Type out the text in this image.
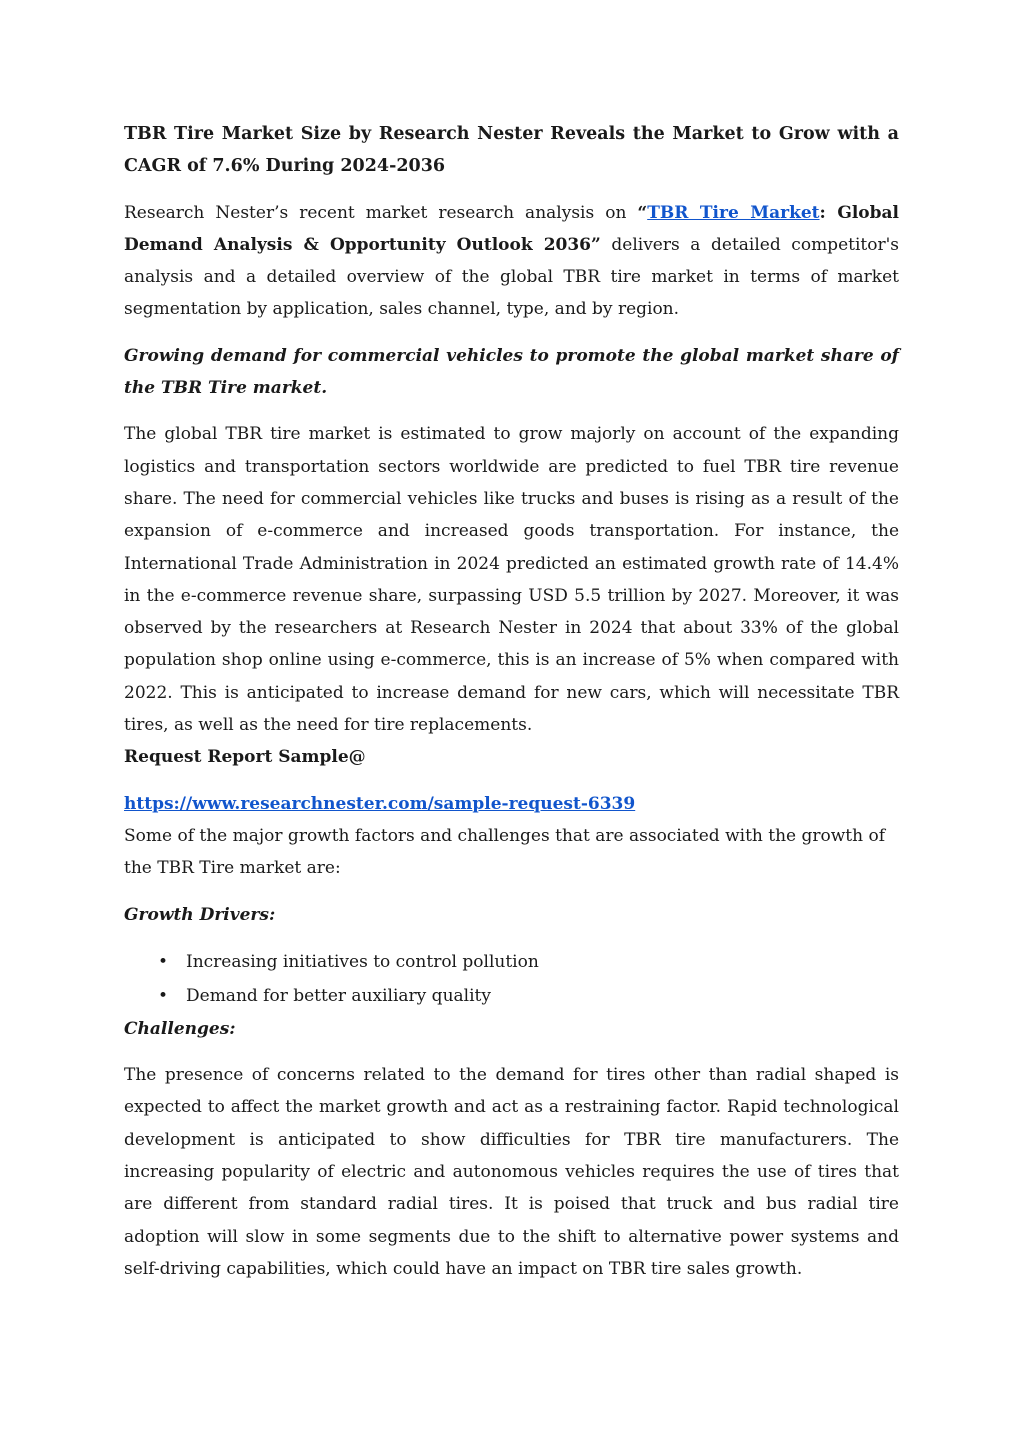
TBR Tire Market Size by Research Nester Reveals the Market to Grow with a CAGR of 7.6% During 2024-2036

Research Nester’s recent market research analysis on “TBR Tire Market: Global Demand Analysis & Opportunity Outlook 2036” delivers a detailed competitor's analysis and a detailed overview of the global TBR tire market in terms of market segmentation by application, sales channel, type, and by region.

Growing demand for commercial vehicles to promote the global market share of the TBR Tire market.

The global TBR tire market is estimated to grow majorly on account of the expanding logistics and transportation sectors worldwide are predicted to fuel TBR tire revenue share. The need for commercial vehicles like trucks and buses is rising as a result of the expansion of e-commerce and increased goods transportation. For instance, the International Trade Administration in 2024 predicted an estimated growth rate of 14.4% in the e-commerce revenue share, surpassing USD 5.5 trillion by 2027. Moreover, it was observed by the researchers at Research Nester in 2024 that about 33% of the global population shop online using e-commerce, this is an increase of 5% when compared with 2022. This is anticipated to increase demand for new cars, which will necessitate TBR tires, as well as the need for tire replacements.

Request Report Sample@

https://www.researchnester.com/sample-request-6339

Some of the major growth factors and challenges that are associated with the growth of the TBR Tire market are:

Growth Drivers:

• Increasing initiatives to control pollution
• Demand for better auxiliary quality

Challenges:

The presence of concerns related to the demand for tires other than radial shaped is expected to affect the market growth and act as a restraining factor. Rapid technological development is anticipated to show difficulties for TBR tire manufacturers. The increasing popularity of electric and autonomous vehicles requires the use of tires that are different from standard radial tires. It is poised that truck and bus radial tire adoption will slow in some segments due to the shift to alternative power systems and self-driving capabilities, which could have an impact on TBR tire sales growth.
